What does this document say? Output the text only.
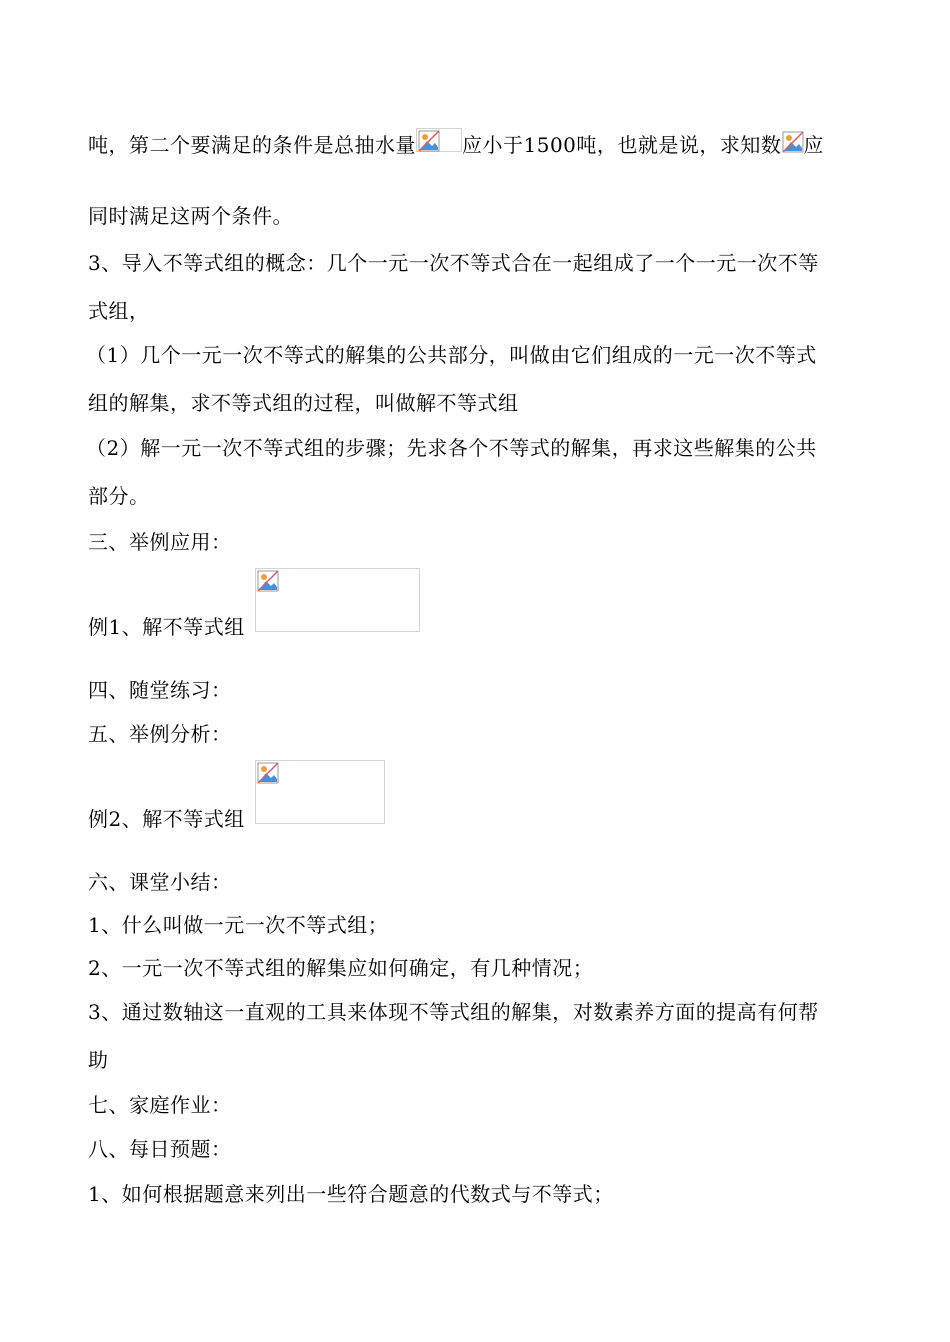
吨，第二个要满足的条件是总抽水量 应小于1500吨，也就是说，求知数 应
同时满足这两个条件。
3、导入不等式组的概念：几个一元一次不等式合在一起组成了一个一元一次不等
式组，
（1）几个一元一次不等式的解集的公共部分，叫做由它们组成的一元一次不等式
组的解集，求不等式组的过程，叫做解不等式组
（2）解一元一次不等式组的步骤；先求各个不等式的解集，再求这些解集的公共
部分。
三、举例应用：
例1、解不等式组
四、随堂练习：
五、举例分析：
例2、解不等式组
六、课堂小结：
1、什么叫做一元一次不等式组；
2、一元一次不等式组的解集应如何确定，有几种情况；
3、通过数轴这一直观的工具来体现不等式组的解集，对数素养方面的提高有何帮
助
七、家庭作业：
八、每日预题：
1、如何根据题意来列出一些符合题意的代数式与不等式；
